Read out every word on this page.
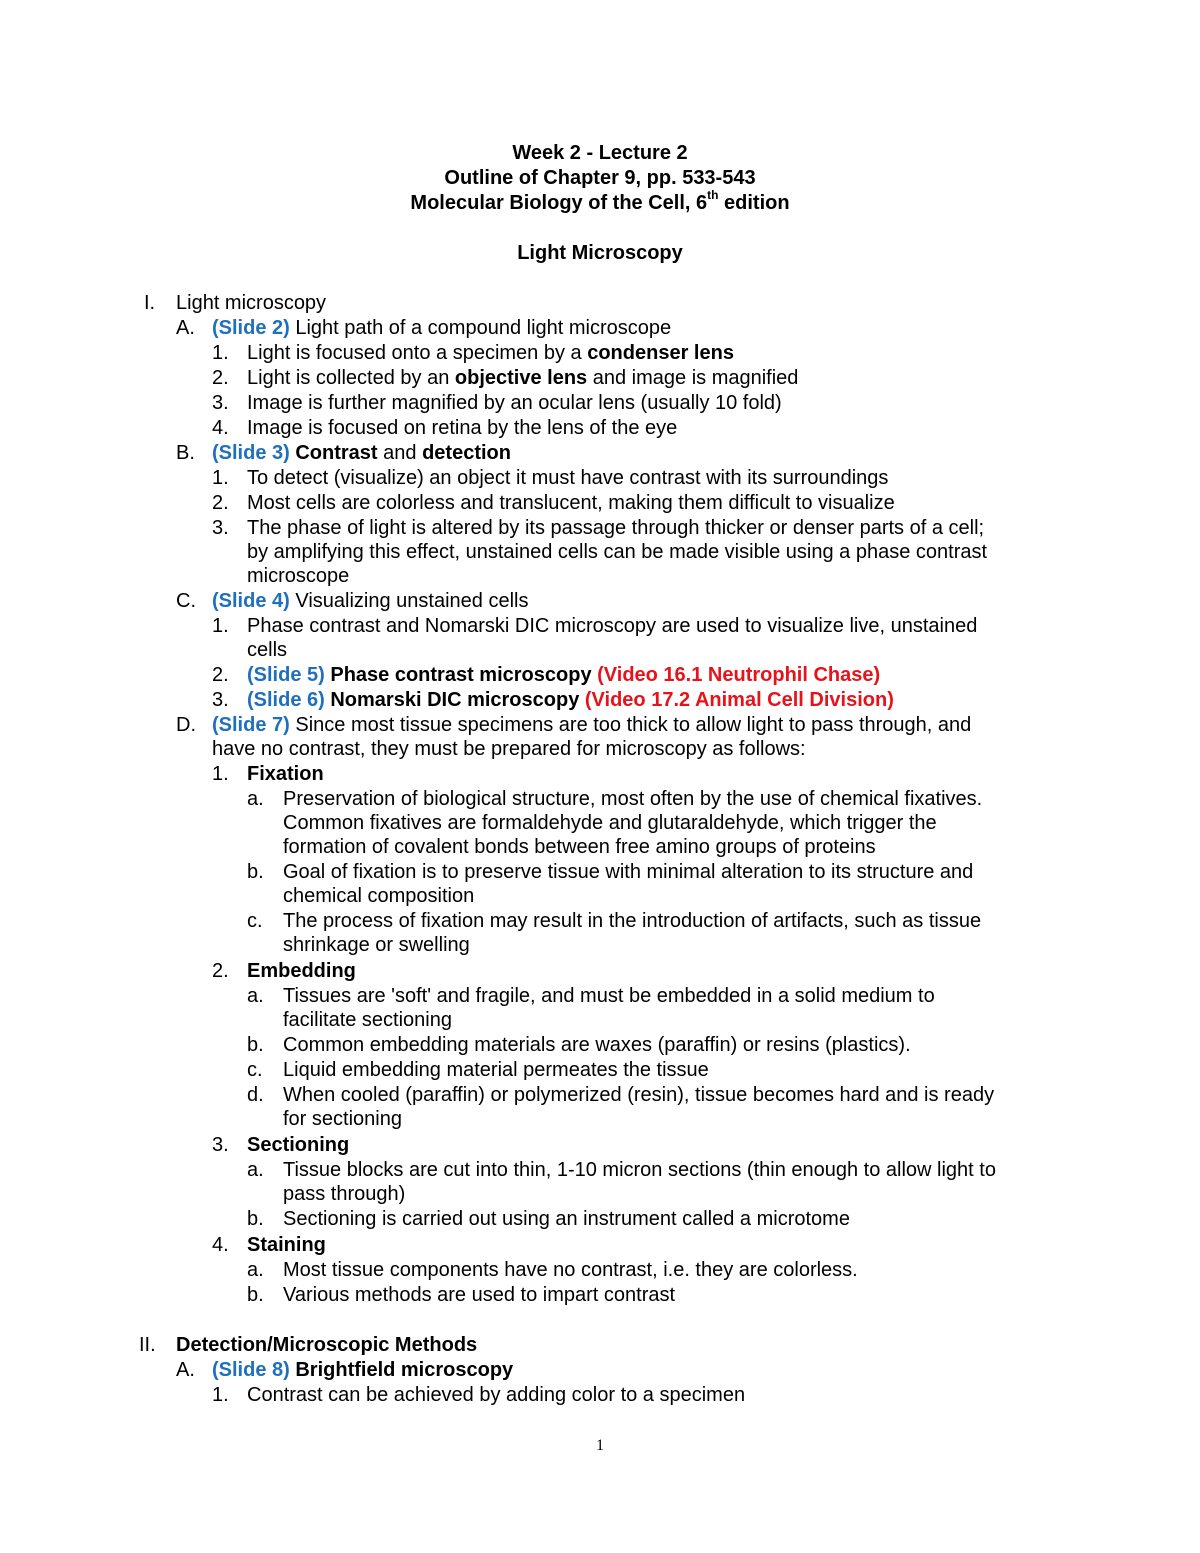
Week 2 - Lecture 2
Outline of Chapter 9, pp. 533-543
Molecular Biology of the Cell, 6th edition
Light Microscopy
I. Light microscopy
A. (Slide 2) Light path of a compound light microscope
1. Light is focused onto a specimen by a condenser lens
2. Light is collected by an objective lens and image is magnified
3. Image is further magnified by an ocular lens (usually 10 fold)
4. Image is focused on retina by the lens of the eye
B. (Slide 3) Contrast and detection
1. To detect (visualize) an object it must have contrast with its surroundings
2. Most cells are colorless and translucent, making them difficult to visualize
3. The phase of light is altered by its passage through thicker or denser parts of a cell;
by amplifying this effect, unstained cells can be made visible using a phase contrast
microscope
C. (Slide 4) Visualizing unstained cells
1. Phase contrast and Nomarski DIC microscopy are used to visualize live, unstained
cells
2. (Slide 5) Phase contrast microscopy (Video 16.1 Neutrophil Chase)
3. (Slide 6) Nomarski DIC microscopy (Video 17.2 Animal Cell Division)
D. (Slide 7) Since most tissue specimens are too thick to allow light to pass through, and
have no contrast, they must be prepared for microscopy as follows:
1. Fixation
a. Preservation of biological structure, most often by the use of chemical fixatives.
Common fixatives are formaldehyde and glutaraldehyde, which trigger the
formation of covalent bonds between free amino groups of proteins
b. Goal of fixation is to preserve tissue with minimal alteration to its structure and
chemical composition
c. The process of fixation may result in the introduction of artifacts, such as tissue
shrinkage or swelling
2. Embedding
a. Tissues are 'soft' and fragile, and must be embedded in a solid medium to
facilitate sectioning
b. Common embedding materials are waxes (paraffin) or resins (plastics).
c. Liquid embedding material permeates the tissue
d. When cooled (paraffin) or polymerized (resin), tissue becomes hard and is ready
for sectioning
3. Sectioning
a. Tissue blocks are cut into thin, 1-10 micron sections (thin enough to allow light to
pass through)
b. Sectioning is carried out using an instrument called a microtome
4. Staining
a. Most tissue components have no contrast, i.e. they are colorless.
b. Various methods are used to impart contrast
II. Detection/Microscopic Methods
A. (Slide 8) Brightfield microscopy
1. Contrast can be achieved by adding color to a specimen
1
